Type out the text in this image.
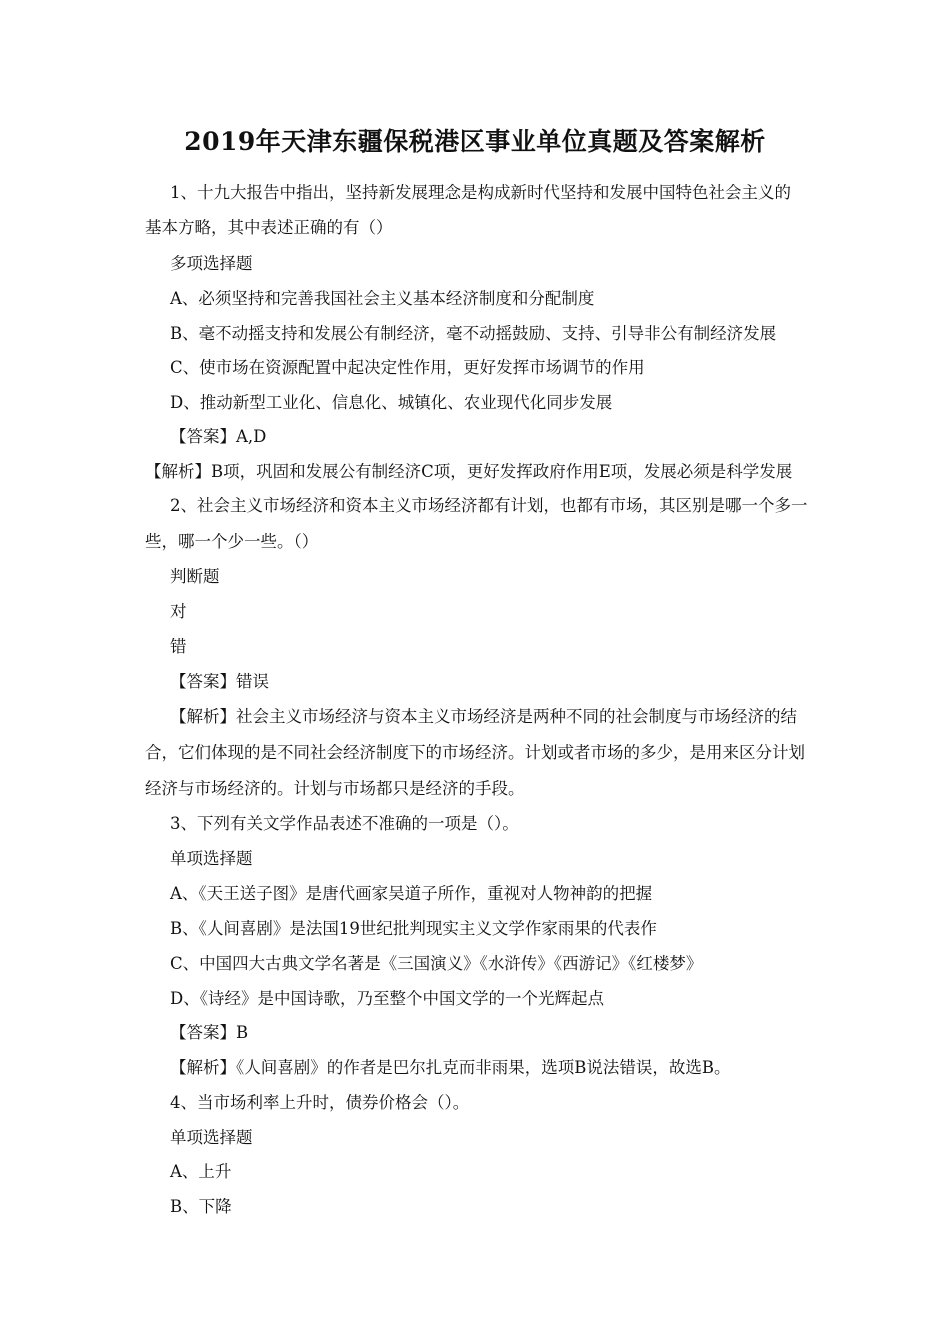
2019年天津东疆保税港区事业单位真题及答案解析
1、十九大报告中指出，坚持新发展理念是构成新时代坚持和发展中国特色社会主义的
基本方略，其中表述正确的有（）
多项选择题
A、必须坚持和完善我国社会主义基本经济制度和分配制度
B、毫不动摇支持和发展公有制经济，毫不动摇鼓励、支持、引导非公有制经济发展
C、使市场在资源配置中起决定性作用，更好发挥市场调节的作用
D、推动新型工业化、信息化、城镇化、农业现代化同步发展
【答案】A,D
【解析】B项，巩固和发展公有制经济C项，更好发挥政府作用E项，发展必须是科学发展
2、社会主义市场经济和资本主义市场经济都有计划，也都有市场，其区别是哪一个多一
些，哪一个少一些。（）
判断题
对
错
【答案】错误
【解析】社会主义市场经济与资本主义市场经济是两种不同的社会制度与市场经济的结
合，它们体现的是不同社会经济制度下的市场经济。计划或者市场的多少，是用来区分计划
经济与市场经济的。计划与市场都只是经济的手段。
3、下列有关文学作品表述不准确的一项是（）。
单项选择题
A、《天王送子图》是唐代画家吴道子所作，重视对人物神韵的把握
B、《人间喜剧》是法国19世纪批判现实主义文学作家雨果的代表作
C、中国四大古典文学名著是《三国演义》《水浒传》《西游记》《红楼梦》
D、《诗经》是中国诗歌，乃至整个中国文学的一个光辉起点
【答案】B
【解析】《人间喜剧》的作者是巴尔扎克而非雨果，选项B说法错误，故选B。
4、当市场利率上升时，债券价格会（）。
单项选择题
A、上升
B、下降
